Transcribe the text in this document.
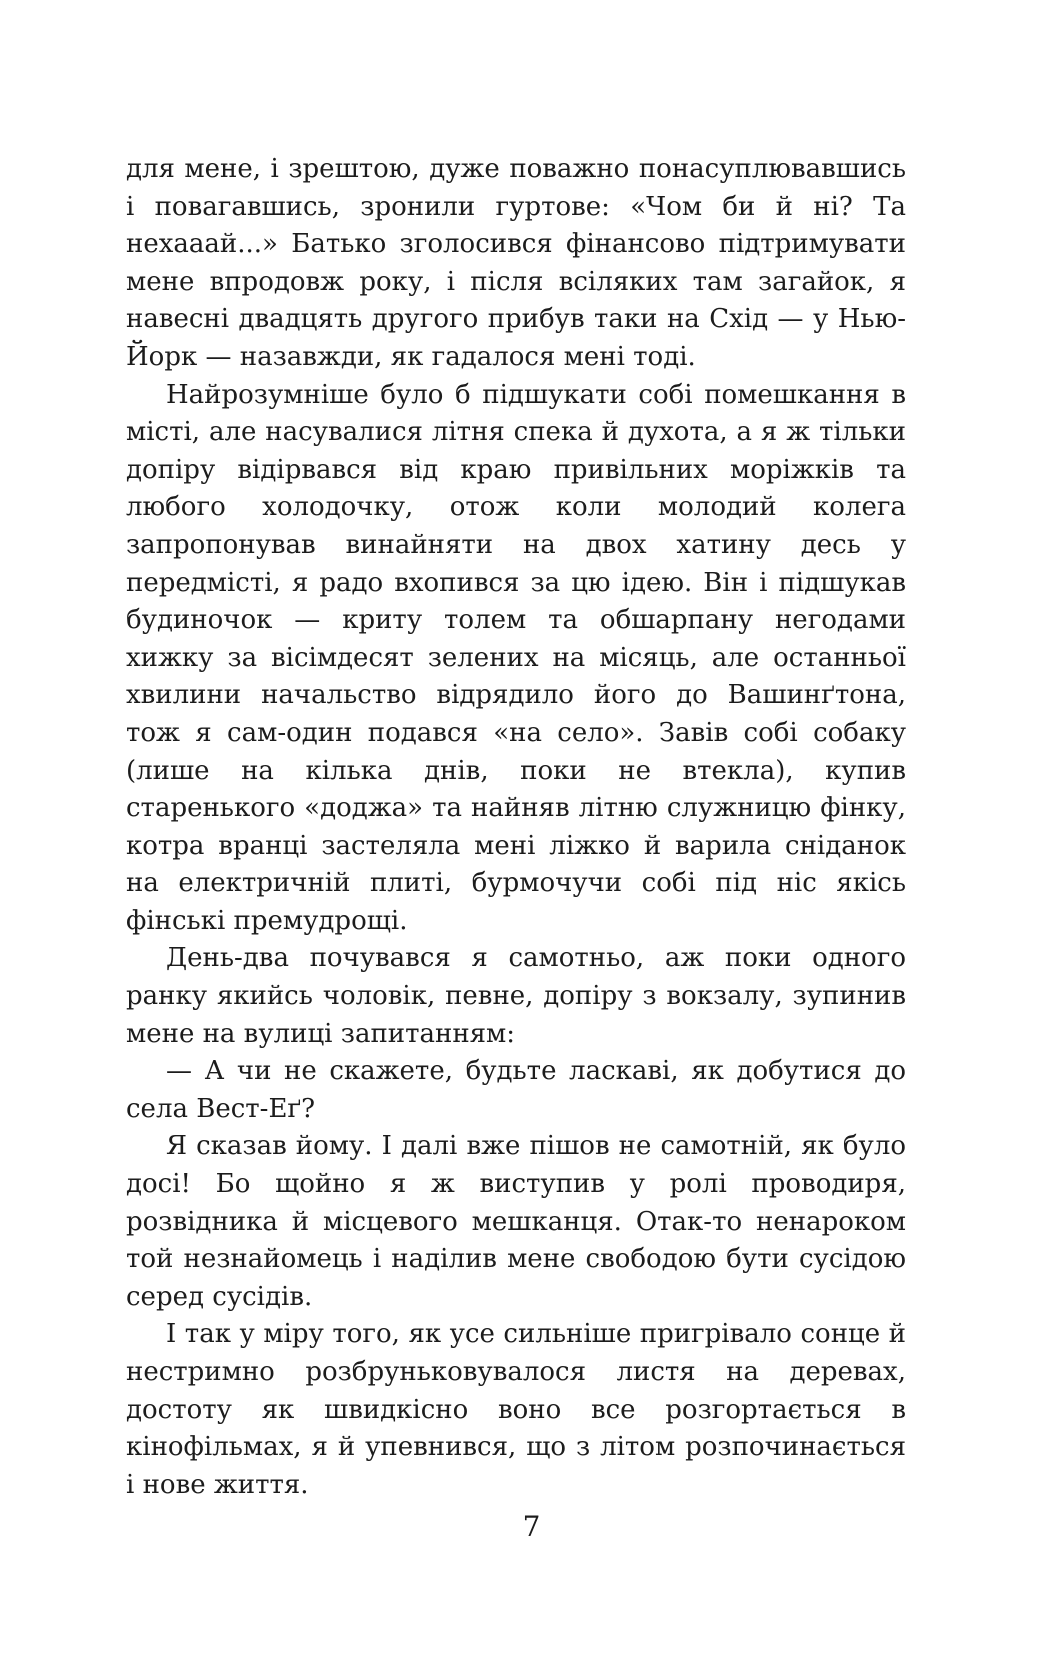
для мене, і зрештою, дуже поважно понасуплювавшись і повагавшись, зронили гуртове: «Чом би й ні? Та нехааай...» Батько зголосився фінансово підтримувати мене впродовж року, і після всіляких там загайок, я навесні двадцять другого прибув таки на Схід — у Нью-Йорк — назавжди, як гадалося мені тоді.

Найрозумніше було б підшукати собі помешкання в місті, але насувалися літня спека й духота, а я ж тільки допіру відірвався від краю привільних моріжків та любого холодочку, отож коли молодий колега запропонував винайняти на двох хатину десь у передмісті, я радо вхопився за цю ідею. Він і підшукав будиночок — криту толем та обшарпану негодами хижку за вісімдесят зелених на місяць, але останньої хвилини начальство відрядило його до Вашинґтона, тож я сам-один подався «на село». Завів собі собаку (лише на кілька днів, поки не втекла), купив старенького «доджа» та найняв літню служницю фінку, котра вранці застеляла мені ліжко й варила сніданок на електричній плиті, бурмочучи собі під ніс якісь фінські премудрощі.

День-два почувався я самотньо, аж поки одного ранку якийсь чоловік, певне, допіру з вокзалу, зупинив мене на вулиці запитанням:

— А чи не скажете, будьте ласкаві, як добутися до села Вест-Еґ?

Я сказав йому. І далі вже пішов не самотній, як було досі! Бо щойно я ж виступив у ролі проводиря, розвідника й місцевого мешканця. Отак-то ненароком той незнайомець і наділив мене свободою бути сусідою серед сусідів.

І так у міру того, як усе сильніше пригрівало сонце й нестримно розбруньковувалося листя на деревах, достоту як швидкісно воно все розгортається в кінофільмах, я й упевнився, що з літом розпочинається і нове життя.

7
